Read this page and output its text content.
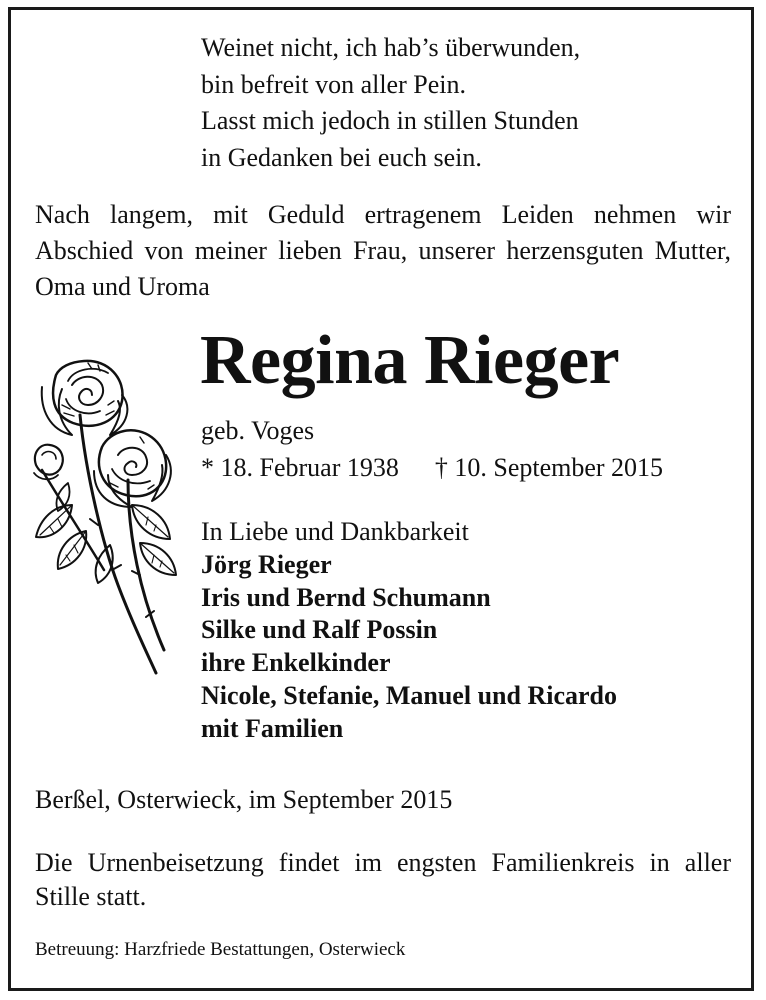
Weinet nicht, ich hab’s überwunden,
bin befreit von aller Pein.
Lasst mich jedoch in stillen Stunden
in Gedanken bei euch sein.
Nach langem, mit Geduld ertragenem Leiden nehmen wir Abschied von meiner lieben Frau, unserer herzensguten Mutter, Oma und Uroma
Regina Rieger
geb. Voges
* 18. Februar 1938 † 10. September 2015
In Liebe und Dankbarkeit
Jörg Rieger
Iris und Bernd Schumann
Silke und Ralf Possin
ihre Enkelkinder
Nicole, Stefanie, Manuel und Ricardo
mit Familien
Berßel, Osterwieck, im September 2015
Die Urnenbeisetzung findet im engsten Familienkreis in aller Stille statt.
Betreuung: Harzfriede Bestattungen, Osterwieck
